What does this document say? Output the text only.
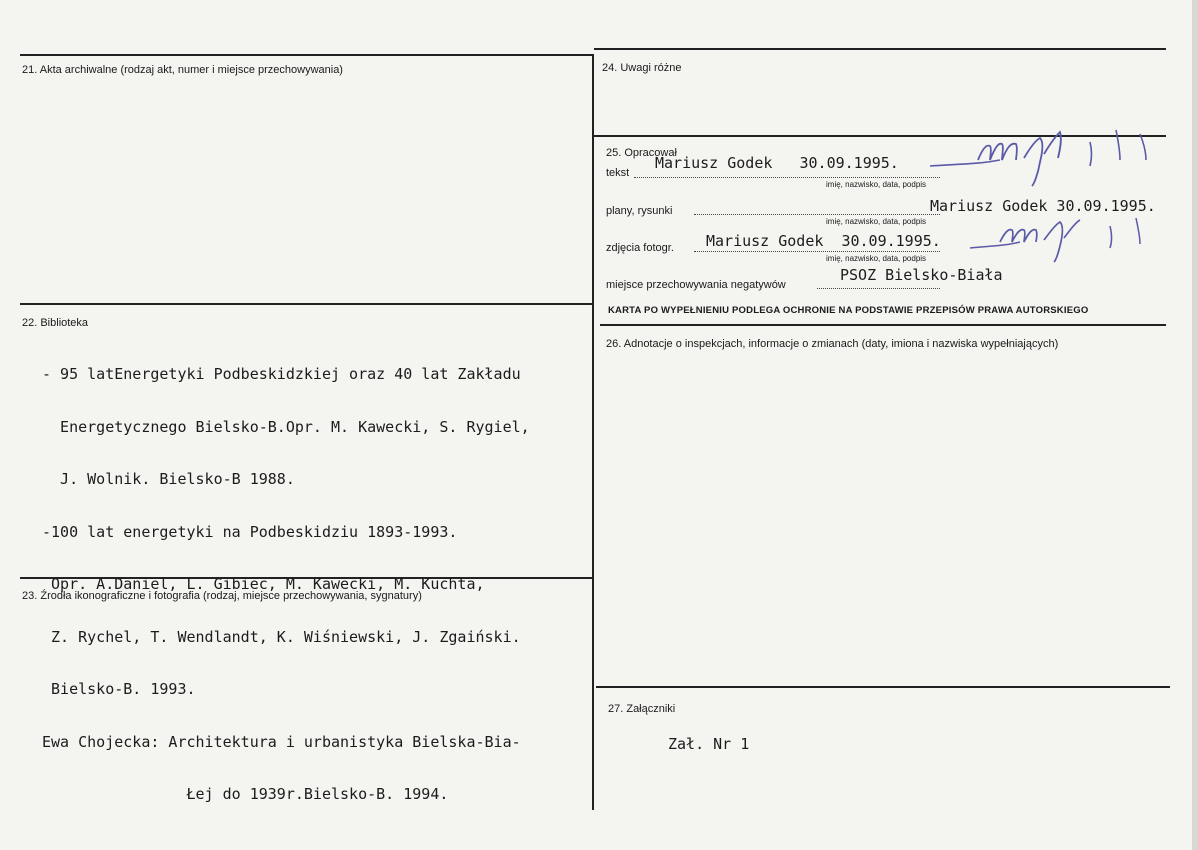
21. Akta archiwalne (rodzaj akt, numer i miejsce przechowywania)
22. Biblioteka

- 95 latEnergetyki Podbeskidzkiej oraz 40 lat Zakładu

Energetycznego Bielsko-B.Opr. M. Kawecki, S. Rygiel,

J. Wolnik. Bielsko-B 1988.

-100 lat energetyki na Podbeskidziu 1893-1993.

Opr. A.Daniel, L. Gibiec, M. Kawecki, M. Kuchta,

Z. Rychel, T. Wendlandt, K. Wiśniewski, J. Zgaiński.

Bielsko-B. 1993.

Ewa Chojecka: Architektura i urbanistyka Bielska-Bia-

Łej do 1939r.Bielsko-B. 1994.

23. Źrodła ikonograficzne i fotografia (rodzaj, miejsce przechowywania, sygnatury)
24. Uwagi różne
25. Opracował
tekst
Mariusz Godek   30.09.1995.
imię, nazwisko, data, podpis
plany, rysunki	Mariusz Godek 30.09.1995.
imię, nazwisko, data, podpis
zdjęcia fotogr. Mariusz Godek  30.09.1995.
imię, nazwisko, data, podpis
miejsce przechowywania negatywów
PSOZ Bielsko-Biała
KARTA PO WYPEŁNIENIU PODLEGA OCHRONIE NA PODSTAWIE PRZEPISÓW PRAWA AUTORSKIEGO
26. Adnotacje o inspekcjach, informacje o zmianach (daty, imiona i nazwiska wypełniających)
27. Załączniki
Zał. Nr 1
